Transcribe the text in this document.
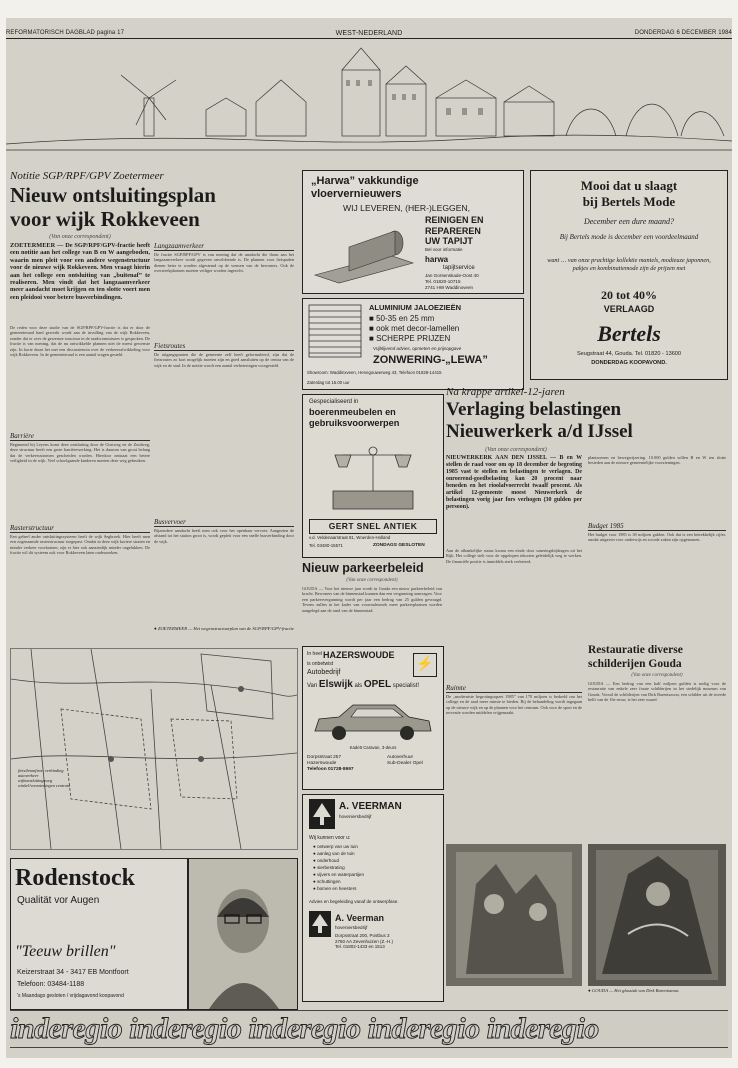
REFORMATORISCH DAGBLAD pagina 17	WEST-NEDERLAND	DONDERDAG 6 DECEMBER 1984
Notitie SGP/RPF/GPV Zoetermeer
Nieuw ontsluitingsplan
voor wijk Rokkeveen
(Van onze correspondent)
ZOETERMEER — De SGP/RPF/GPV-fractie heeft een notitie aan het college van B en W aangeboden, waarin men pleit voor een andere wegenstructuur voor de nieuwe wijk Rokkeveen. Men vraagt hierin aan het college een ontsluiting van „buitenaf” te realiseren. Men vindt dat het langzaamverkeer meer aandacht moet krijgen en ten slotte voert men een pleidooi voor betere busverbindingen.
De reden voor deze studie van de SGP/RPF/GPV-fractie is dat er door de gemeenteraad hard gewerkt wordt aan de invulling van de wijk Rokkeveen, zonder dat er over de gewenste structuur in de raadscommissies is gesproken. De fractie is van mening, dat de nu ontwikkelde plannen niet de meest gewenste zijn. In korte duurt het met een discussienota over de verkeersafwikkeling voor wijk Rokkeveen. In de gemeenteraad is een aantal vragen gesteld.
Barrière
Beginnend bij Leyens komt deze ontsluiting door de Oostweg en de Zuidweg, deze structuur heeft een grote barrièrewerking. Het is daarom van groot belang dat de verkeersstromen gescheiden worden. Hierdoor ontstaat een betere veiligheid in de wijk. Veel schoolgaande kinderen moeten deze weg gebruiken.
Rasterstructuur
Een geheel ander ontsluitingssysteem heeft de wijk Segbroek. Hier heeft men een zogenaamde rasterstructuur toegepast. Omdat in deze wijk kortere straten en minder verkeer voorkomen, zijn er hier ook aanzienlijk minder ongelukken. De fractie wil dit systeem ook voor Rokkeveen laten onderzoeken.
Langzaamverkeer
De fractie SGP/RPF/GPV is van mening dat de aandacht die thans aan het langzaamverkeer wordt gegeven onvoldoende is. De plannen voor fietspaden dienen beter te worden afgestemd op de wensen van de bewoners. Ook de oversteekplaatsen moeten veiliger worden ingericht.
Fietsroutes
De uitgangspunten die de gemeente zelf heeft geformuleerd, zijn dat de fietsroutes zo kort mogelijk moeten zijn en goed aansluiten op de centra van de wijk en de stad. In de notitie wordt een aantal verbeteringen voorgesteld.
Busvervoer
Bijzondere aandacht heeft men ook voor het openbaar vervoer. Aangezien de afstand tot het station groot is, wordt gepleit voor een snelle busverbinding door de wijk.
● ZOETERMEER — Het wegenstructuurplan van de SGP/RPF/GPV-fractie
fiets/bromfiets- verbinding
autoverkeer
wijkontsluitingsweg
winkel/voorzieningen centrum
Rodenstock
Qualität vor Augen
"Teeuw brillen"
Keizerstraat 34 - 3417 EB Montfoort
Telefoon: 03484-1188
's Maandags gesloten / vrijdagavond koopavond
„Harwa” vakkundige
vloervernieuwers
WIJ LEVEREN, (HER-)LEGGEN,
REINIGEN EN
REPAREREN
UW TAPIJT
Bel voor informatie
harwa
tapijtservice
Jan Gorsenskade-Oost 40
Tel. 01820-10715
2741 HW Waddinxveen
ALUMINIUM JALOEZIEËN
■ 50-35 en 25 mm
■ ook met decor-lamellen
■ SCHERPE PRIJZEN
Vrijblijvend advies, opmeten en prijsopgave
ZONWERING-„LEWA”
Showroom: Waddinxveen, Henegouwerweg 43, Telefoon 01828-14415
Zaterdag tot 15.00 uur
Mooi dat u slaagt
bij Bertels Mode
December een dure maand?
Bij Bertels mode is december een voordeelmaand
want … van onze prachtige kollektie mantels, modieuze japonnen, pakjes en kombinatiemode zijn de prijzen met
20 tot 40%
VERLAAGD
Bertels
Seugstraat 44, Gouda. Tel. 01820 - 13600
DONDERDAG KOOPAVOND.
Gespecialiseerd in
boerenmeubelen en gebruiksvoorwerpen
GERT SNEL ANTIEK
v.d. Veldenaarstraat 81, Woerden-Holland
Tel. 03480-15571	ZONDAGS GESLOTEN
Na krappe artikel-12-jaren
Verlaging belastingen
Nieuwerkerk a/d IJssel
(Van onze correspondent)
NIEUWERKERK AAN DEN IJSSEL — B en W stellen de raad voor om op 18 december de begroting 1985 vast te stellen en belastingen te verlagen. De onroerend-goedbelasting kan 20 procent naar beneden en het rioolafvoerrecht twaalf procent. Als artikel 12-gemeente moest Nieuwerkerk de belastingen vorig jaar fors verhogen (30 gulden per persoon).
Aan de afhankelijke status kwam een einde door saneringsbijdragen uit het Rijk. Het college stelt voor de opgelopen tekorten geleidelijk weg te werken. De financiële positie is inmiddels sterk verbeterd.
Ruimte
De „moderniste begrotingsopzet 1985” van 170 miljoen is bedoeld om het college en de raad meer ruimte te bieden. Bij de behandeling wordt ingegaan op de nieuwe wijk en op de plannen voor het centrum. Ook voor de sport en de recreatie worden middelen vrijgemaakt.
plantsoenen en bewegwijzering. 10.000 gulden willen B en W ten slotte besteden aan de nieuwe gemeentelijke voorzieningen.
Budget 1985
Het budget voor 1985 is 38 miljoen gulden. Ook dat is een betrekkelijk cijfer, omdat uitgaven voor onderwijs en sociale zaken zijn opgenomen.
Restauratie diverse
schilderijen Gouda
(Van onze correspondent)
GOUDA — Een bedrag van een half miljoen gulden is nodig voor de restauratie van enkele zeer fraaie schilderijen in het stedelijk museum van Gouda. Vooral de schilderijen van Dirk Barentszoon, een schilder uit de tweede helft van de 16e eeuw, is het zeer waard.
● GOUDA — Het glasstuk van Dirk Barentszoon.
Nieuw parkeerbeleid
(Van onze correspondent)
GOUDA — Voor het nieuwe jaar wordt in Gouda een nieuw parkeerbeleid van kracht. Bewoners van de binnenstad kunnen dan een vergunning aanvragen. Voor een parkeervergunning wordt per jaar een bedrag van 25 gulden gevraagd. Tevens zullen in het kader van vooronderzoek meer parkeerplaatsen worden aangelegd aan de rand van de binnenstad.
In heel HAZERSWOUDE
is onbetwist
Autobedrijf
Van Elswijk als OPEL specialist!
⚡
Kadett Caravan, 3-deurs
Dorpsstraat 257
Hazerswoude
Telefoon 01728-8697
Autoverhuur
Sub-Dealer Opel
A. VEERMAN
hoveniersbedrijf
Wij kunnen voor u:
● ontwerp van uw tuin
● aanleg van de tuin
● onderhoud
● sierbestrating
● vijvers en waterpartijen
● schuttingen
● bomen en heesters
Advies en begeleiding vanaf de ontwerpfase.
A. Veerman
hoveniersbedrijf
Dorpsstraat 200, Postbus 3
2760 AA Zevenhuizen (Z.-H.)
Tel. 01802-1433 en 1513
inderegio inderegio inderegio inderegio inderegio
